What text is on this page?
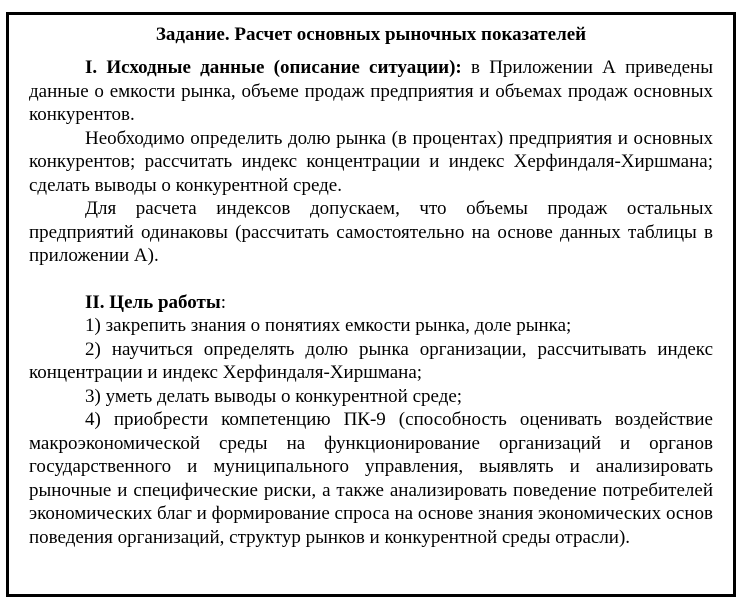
Задание. Расчет основных рыночных показателей

I. Исходные данные (описание ситуации): в Приложении А приведены данные о емкости рынка, объеме продаж предприятия и объемах продаж основных конкурентов.

Необходимо определить долю рынка (в процентах) предприятия и основных конкурентов; рассчитать индекс концентрации и индекс Херфиндаля-Хиршмана; сделать выводы о конкурентной среде.

Для расчета индексов допускаем, что объемы продаж остальных предприятий одинаковы (рассчитать самостоятельно на основе данных таблицы в приложении А).

II. Цель работы:

1) закрепить знания о понятиях емкости рынка, доле рынка;

2) научиться определять долю рынка организации, рассчитывать индекс концентрации и индекс Херфиндаля-Хиршмана;

3) уметь делать выводы о конкурентной среде;

4) приобрести компетенцию ПК-9 (способность оценивать воздействие макроэкономической среды на функционирование организаций и органов государственного и муниципального управления, выявлять и анализировать рыночные и специфические риски, а также анализировать поведение потребителей экономических благ и формирование спроса на основе знания экономических основ поведения организаций, структур рынков и конкурентной среды отрасли).
